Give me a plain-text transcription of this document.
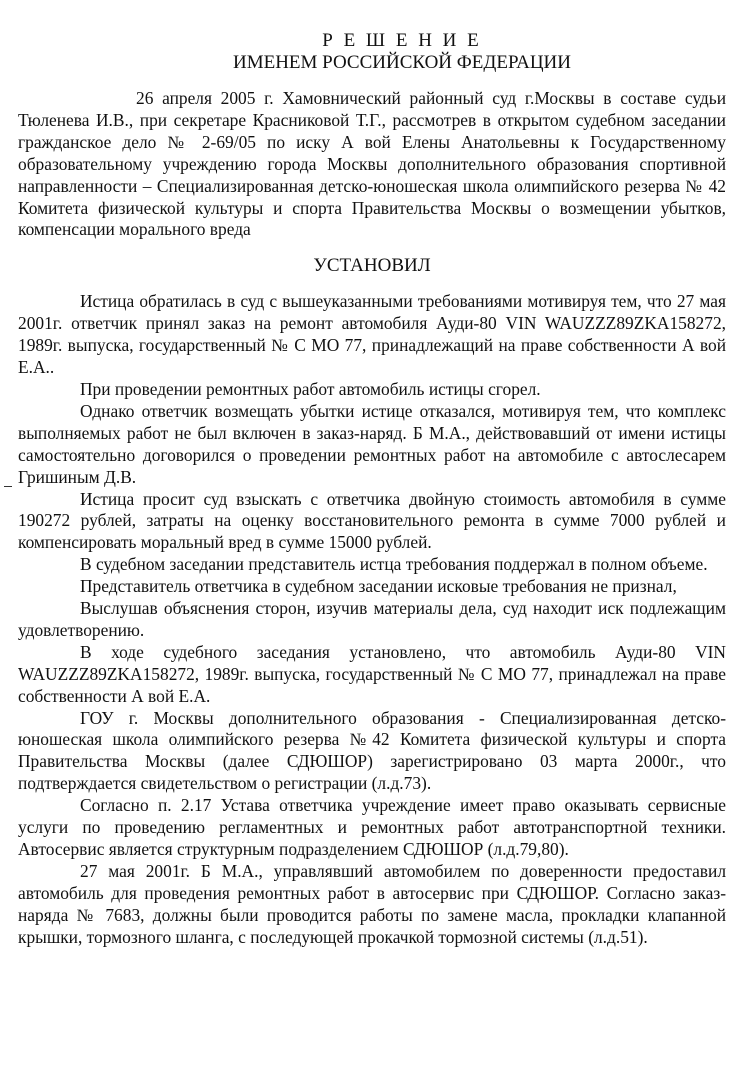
Р Е Ш Е Н И Е
ИМЕНЕМ РОССИЙСКОЙ ФЕДЕРАЦИИ

26 апреля 2005 г. Хамовнический районный суд г.Москвы в составе судьи Тюленева И.В., при секретаре Красниковой Т.Г., рассмотрев в открытом судебном заседании гражданское дело № 2-69/05 по иску А вой Елены Анатольевны к Государственному образовательному учреждению города Москвы дополнительного образования спортивной направленности – Специализированная детско-юношеская школа олимпийского резерва № 42 Комитета физической культуры и спорта Правительства Москвы о возмещении убытков, компенсации морального вреда

УСТАНОВИЛ

Истица обратилась в суд с вышеуказанными требованиями мотивируя тем, что 27 мая 2001г. ответчик принял заказ на ремонт автомобиля Ауди-80 VIN WAUZZZ89ZKA158272, 1989г. выпуска, государственный № С МО 77, принадлежащий на праве собственности А вой Е.А..

При проведении ремонтных работ автомобиль истицы сгорел.

Однако ответчик возмещать убытки истице отказался, мотивируя тем, что комплекс выполняемых работ не был включен в заказ-наряд. Б М.А., действовавший от имени истицы самостоятельно договорился о проведении ремонтных работ на автомобиле с автослесарем Гришиным Д.В.

Истица просит суд взыскать с ответчика двойную стоимость автомобиля в сумме 190272 рублей, затраты на оценку восстановительного ремонта в сумме 7000 рублей и компенсировать моральный вред в сумме 15000 рублей.

В судебном заседании представитель истца требования поддержал в полном объеме.

Представитель ответчика в судебном заседании исковые требования не признал,

Выслушав объяснения сторон, изучив материалы дела, суд находит иск подлежащим удовлетворению.

В ходе судебного заседания установлено, что автомобиль Ауди-80 VIN WAUZZZ89ZKA158272, 1989г. выпуска, государственный № С МО 77, принадлежал на праве собственности А вой Е.А.

ГОУ г. Москвы дополнительного образования - Специализированная детско-юношеская школа олимпийского резерва №42 Комитета физической культуры и спорта Правительства Москвы (далее СДЮШОР) зарегистрировано 03 марта 2000г., что подтверждается свидетельством о регистрации (л.д.73).

Согласно п. 2.17 Устава ответчика учреждение имеет право оказывать сервисные услуги по проведению регламентных и ремонтных работ автотранспортной техники. Автосервис является структурным подразделением СДЮШОР (л.д.79,80).

27 мая 2001г. Б М.А., управлявший автомобилем по доверенности предоставил автомобиль для проведения ремонтных работ в автосервис при СДЮШОР. Согласно заказ-наряда № 7683, должны были проводится работы по замене масла, прокладки клапанной крышки, тормозного шланга, с последующей прокачкой тормозной системы (л.д.51).
